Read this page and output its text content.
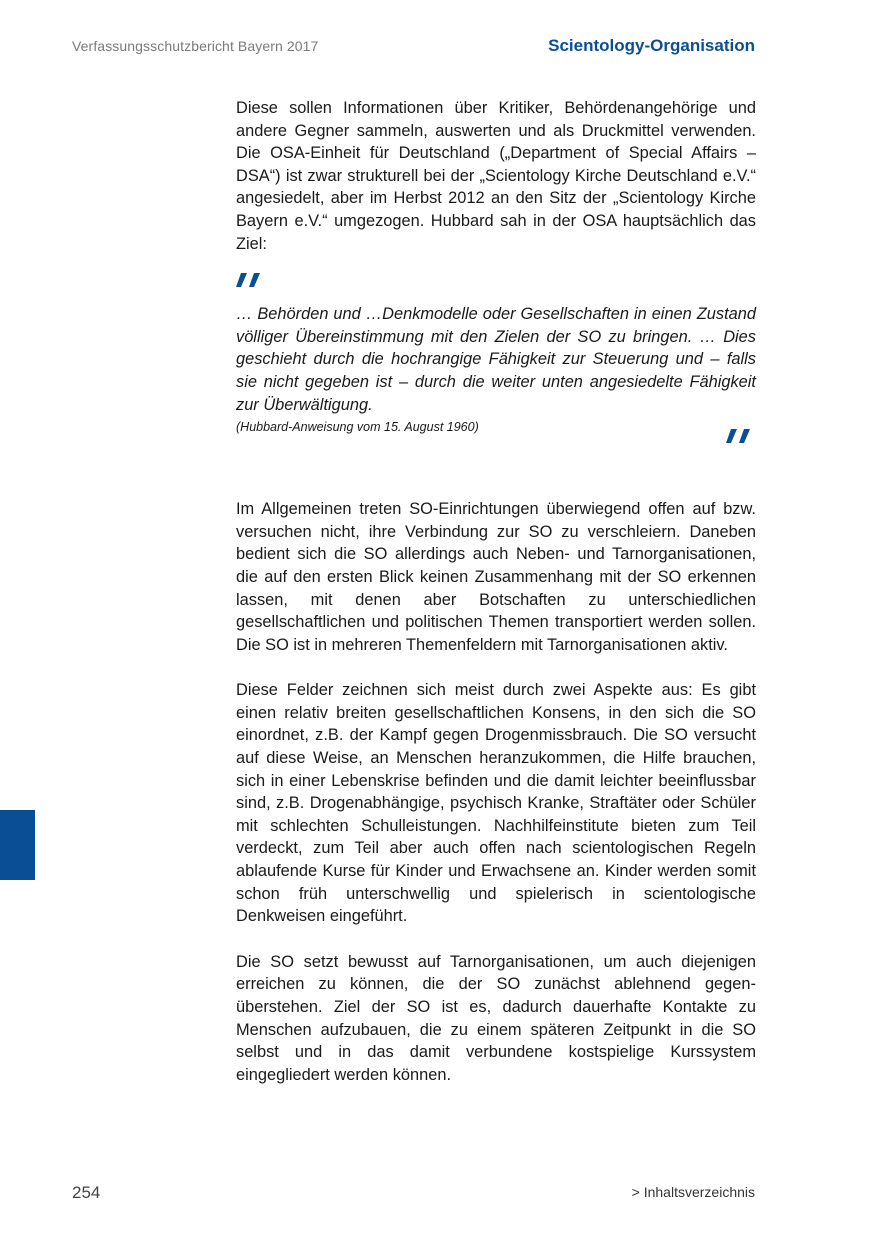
Verfassungsschutzbericht Bayern 2017	Scientology-Organisation

Diese sollen Informationen über Kritiker, Behördenangehörige und andere Gegner sammeln, auswerten und als Druckmittel verwenden. Die OSA-Einheit für Deutschland („Department of Special Affairs – DSA“) ist zwar strukturell bei der „Scientology Kirche Deutschland e.V.“ angesiedelt, aber im Herbst 2012 an den Sitz der „Scientology Kirche Bayern e.V.“ umgezogen. Hubbard sah in der OSA hauptsächlich das Ziel:

… Behörden und …Denkmodelle oder Gesellschaften in einen Zustand völliger Übereinstimmung mit den Zielen der SO zu bringen. … Dies geschieht durch die hochrangige Fähigkeit zur Steuerung und – falls sie nicht gegeben ist – durch die weiter unten angesiedelte Fähigkeit zur Überwältigung.

(Hubbard-Anweisung vom 15. August 1960)

Im Allgemeinen treten SO-Einrichtungen überwiegend offen auf bzw. versuchen nicht, ihre Verbindung zur SO zu verschleiern. Daneben bedient sich die SO allerdings auch Neben- und Tarnorganisationen, die auf den ersten Blick keinen Zusammenhang mit der SO erkennen lassen, mit denen aber Botschaften zu unterschiedlichen gesellschaftlichen und politischen Themen transportiert werden sollen. Die SO ist in mehreren Themenfeldern mit Tarnorganisationen aktiv.

Diese Felder zeichnen sich meist durch zwei Aspekte aus: Es gibt einen relativ breiten gesellschaftlichen Konsens, in den sich die SO einordnet, z.B. der Kampf gegen Drogenmissbrauch. Die SO versucht auf diese Weise, an Menschen heranzukommen, die Hilfe brauchen, sich in einer Lebenskrise befinden und die damit leichter beeinflussbar sind, z.B. Drogenabhängige, psychisch Kranke, Straftäter oder Schüler mit schlechten Schulleistungen. Nachhilfeinstitute bieten zum Teil verdeckt, zum Teil aber auch offen nach scientologischen Regeln ablaufende Kurse für Kinder und Erwachsene an. Kinder werden somit schon früh unterschwellig und spielerisch in scientologische Denkweisen eingeführt.

Die SO setzt bewusst auf Tarnorganisationen, um auch diejenigen erreichen zu können, die der SO zunächst ablehnend gegenüberstehen. Ziel der SO ist es, dadurch dauerhafte Kontakte zu Menschen aufzubauen, die zu einem späteren Zeitpunkt in die SO selbst und in das damit verbundene kostspielige Kurssystem eingegliedert werden können.

254	> Inhaltsverzeichnis
